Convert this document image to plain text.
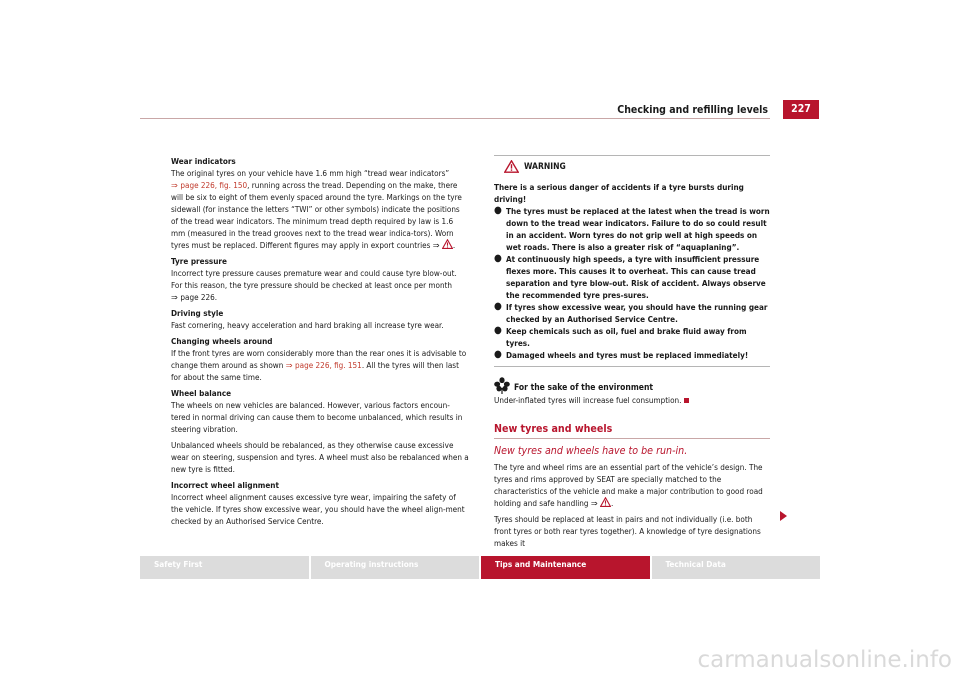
Checking and refilling levels	227
Wear indicators
The original tyres on your vehicle have 1.6 mm high “tread wear indicators”
⇒ page 226, fig. 150, running across the tread. Depending on the make, there will be six to eight of them evenly spaced around the tyre. Markings on the tyre sidewall (for instance the letters “TWI” or other symbols) indicate the positions of the tread wear indicators. The minimum tread depth required by law is 1.6 mm (measured in the tread grooves next to the tread wear indica-tors). Worn tyres must be replaced. Different figures may apply in export countries ⇒ .
Tyre pressure
Incorrect tyre pressure causes premature wear and could cause tyre blow-out. For this reason, the tyre pressure should be checked at least once per month
⇒ page 226.
Driving style
Fast cornering, heavy acceleration and hard braking all increase tyre wear.
Changing wheels around
If the front tyres are worn considerably more than the rear ones it is advisable to change them around as shown ⇒ page 226, fig. 151. All the tyres will then last for about the same time.
Wheel balance
The wheels on new vehicles are balanced. However, various factors encoun-tered in normal driving can cause them to become unbalanced, which results in steering vibration.
Unbalanced wheels should be rebalanced, as they otherwise cause excessive wear on steering, suspension and tyres. A wheel must also be rebalanced when a new tyre is fitted.
Incorrect wheel alignment
Incorrect wheel alignment causes excessive tyre wear, impairing the safety of the vehicle. If tyres show excessive wear, you should have the wheel align-ment checked by an Authorised Service Centre.
WARNING
There is a serious danger of accidents if a tyre bursts during driving!
● The tyres must be replaced at the latest when the tread is worn down to the tread wear indicators. Failure to do so could result in an accident. Worn tyres do not grip well at high speeds on wet roads. There is also a greater risk of “aquaplaning”.
● At continuously high speeds, a tyre with insufficient pressure flexes more. This causes it to overheat. This can cause tread separation and tyre blow-out. Risk of accident. Always observe the recommended tyre pres-sures.
● If tyres show excessive wear, you should have the running gear checked by an Authorised Service Centre.
● Keep chemicals such as oil, fuel and brake fluid away from tyres.
● Damaged wheels and tyres must be replaced immediately!
For the sake of the environment
Under-inflated tyres will increase fuel consumption.
New tyres and wheels
New tyres and wheels have to be run-in.
The tyre and wheel rims are an essential part of the vehicle’s design. The tyres and rims approved by SEAT are specially matched to the characteristics of the vehicle and make a major contribution to good road holding and safe handling ⇒ .
Tyres should be replaced at least in pairs and not individually (i.e. both front tyres or both rear tyres together). A knowledge of tyre designations makes it
Safety First	Operating instructions	Tips and Maintenance	Technical Data
carmanualsonline.info
